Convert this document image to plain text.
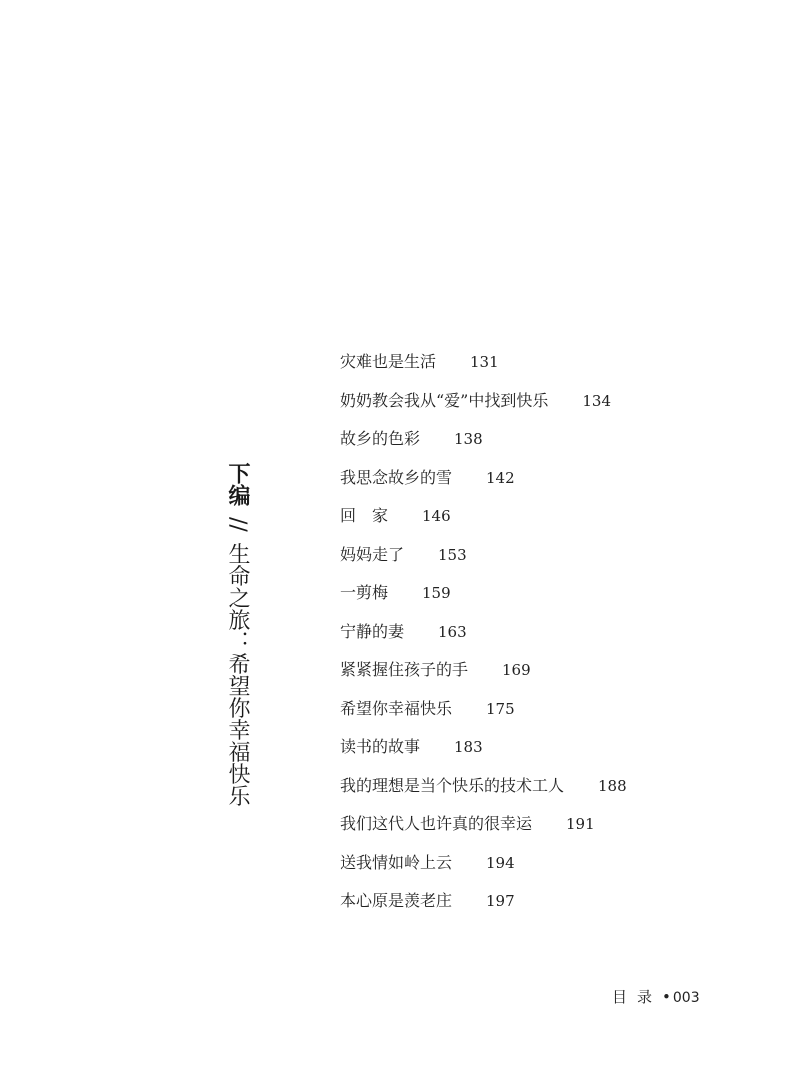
下编 // 生命之旅：希望你幸福快乐
灾难也是生活 131
奶奶教会我从“爱”中找到快乐 134
故乡的色彩 138
我思念故乡的雪 142
回　家 146
妈妈走了 153
一剪梅 159
宁静的妻 163
紧紧握住孩子的手 169
希望你幸福快乐 175
读书的故事 183
我的理想是当个快乐的技术工人 188
我们这代人也许真的很幸运 191
送我情如岭上云 194
本心原是羡老庄 197
目录• 003
